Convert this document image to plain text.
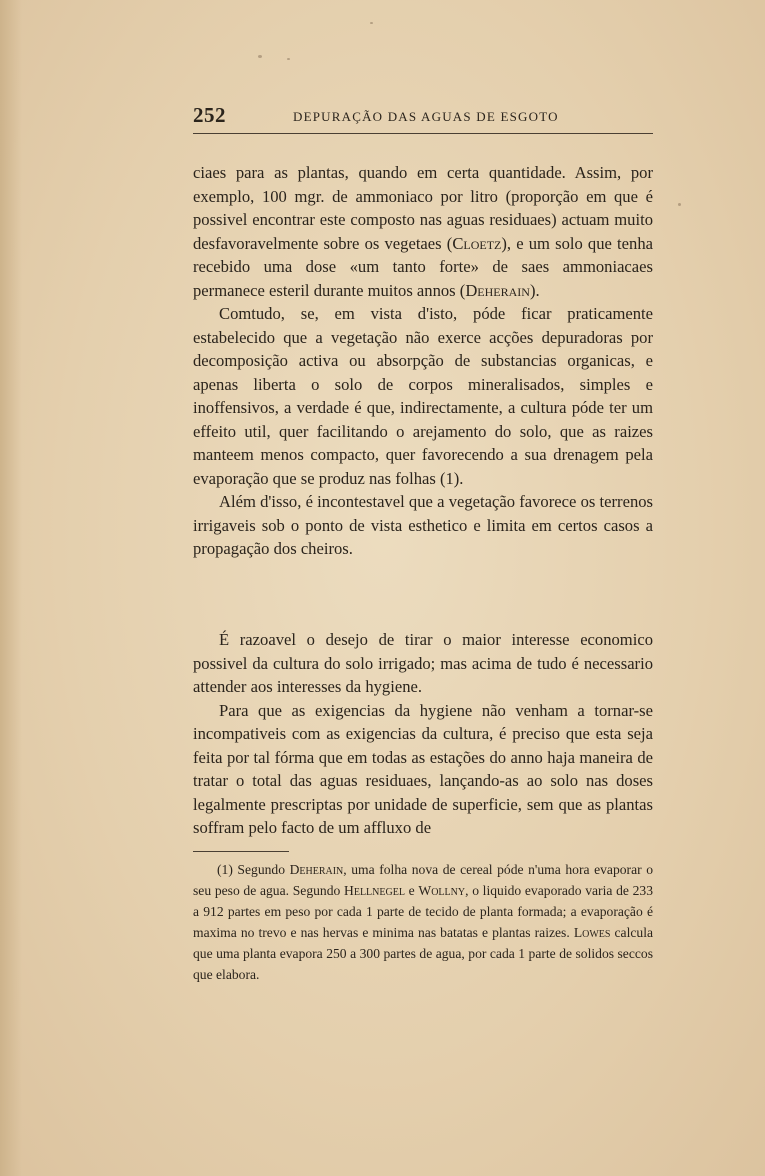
252	DEPURAÇÃO DAS AGUAS DE ESGOTO

ciaes para as plantas, quando em certa quantidade. Assim, por exemplo, 100 mgr. de ammoniaco por litro (proporção em que é possivel encontrar este composto nas aguas residuaes) actuam muito desfavoravelmente sobre os vegetaes (Cloetz), e um solo que tenha recebido uma dose «um tanto forte» de saes ammoniacaes permanece esteril durante muitos annos (Deherain).

Comtudo, se, em vista d'isto, póde ficar praticamente estabelecido que a vegetação não exerce acções depuradoras por decomposição activa ou absorpção de substancias organicas, e apenas liberta o solo de corpos mineralisados, simples e inoffensivos, a verdade é que, indirectamente, a cultura póde ter um effeito util, quer facilitando o arejamento do solo, que as raizes manteem menos compacto, quer favorecendo a sua drenagem pela evaporação que se produz nas folhas (1).

Além d'isso, é incontestavel que a vegetação favorece os terrenos irrigaveis sob o ponto de vista esthetico e limita em certos casos a propagação dos cheiros.

É razoavel o desejo de tirar o maior interesse economico possivel da cultura do solo irrigado; mas acima de tudo é necessario attender aos interesses da hygiene.

Para que as exigencias da hygiene não venham a tornar-se incompativeis com as exigencias da cultura, é preciso que esta seja feita por tal fórma que em todas as estações do anno haja maneira de tratar o total das aguas residuaes, lançando-as ao solo nas doses legalmente prescriptas por unidade de superficie, sem que as plantas soffram pelo facto de um affluxo de

(1) Segundo Deherain, uma folha nova de cereal póde n'uma hora evaporar o seu peso de agua. Segundo Hellnegel e Wollny, o liquido evaporado varia de 233 a 912 partes em peso por cada 1 parte de tecido de planta formada; a evaporação é maxima no trevo e nas hervas e minima nas batatas e plantas raizes. Lowes calcula que uma planta evapora 250 a 300 partes de agua, por cada 1 parte de solidos seccos que elabora.
